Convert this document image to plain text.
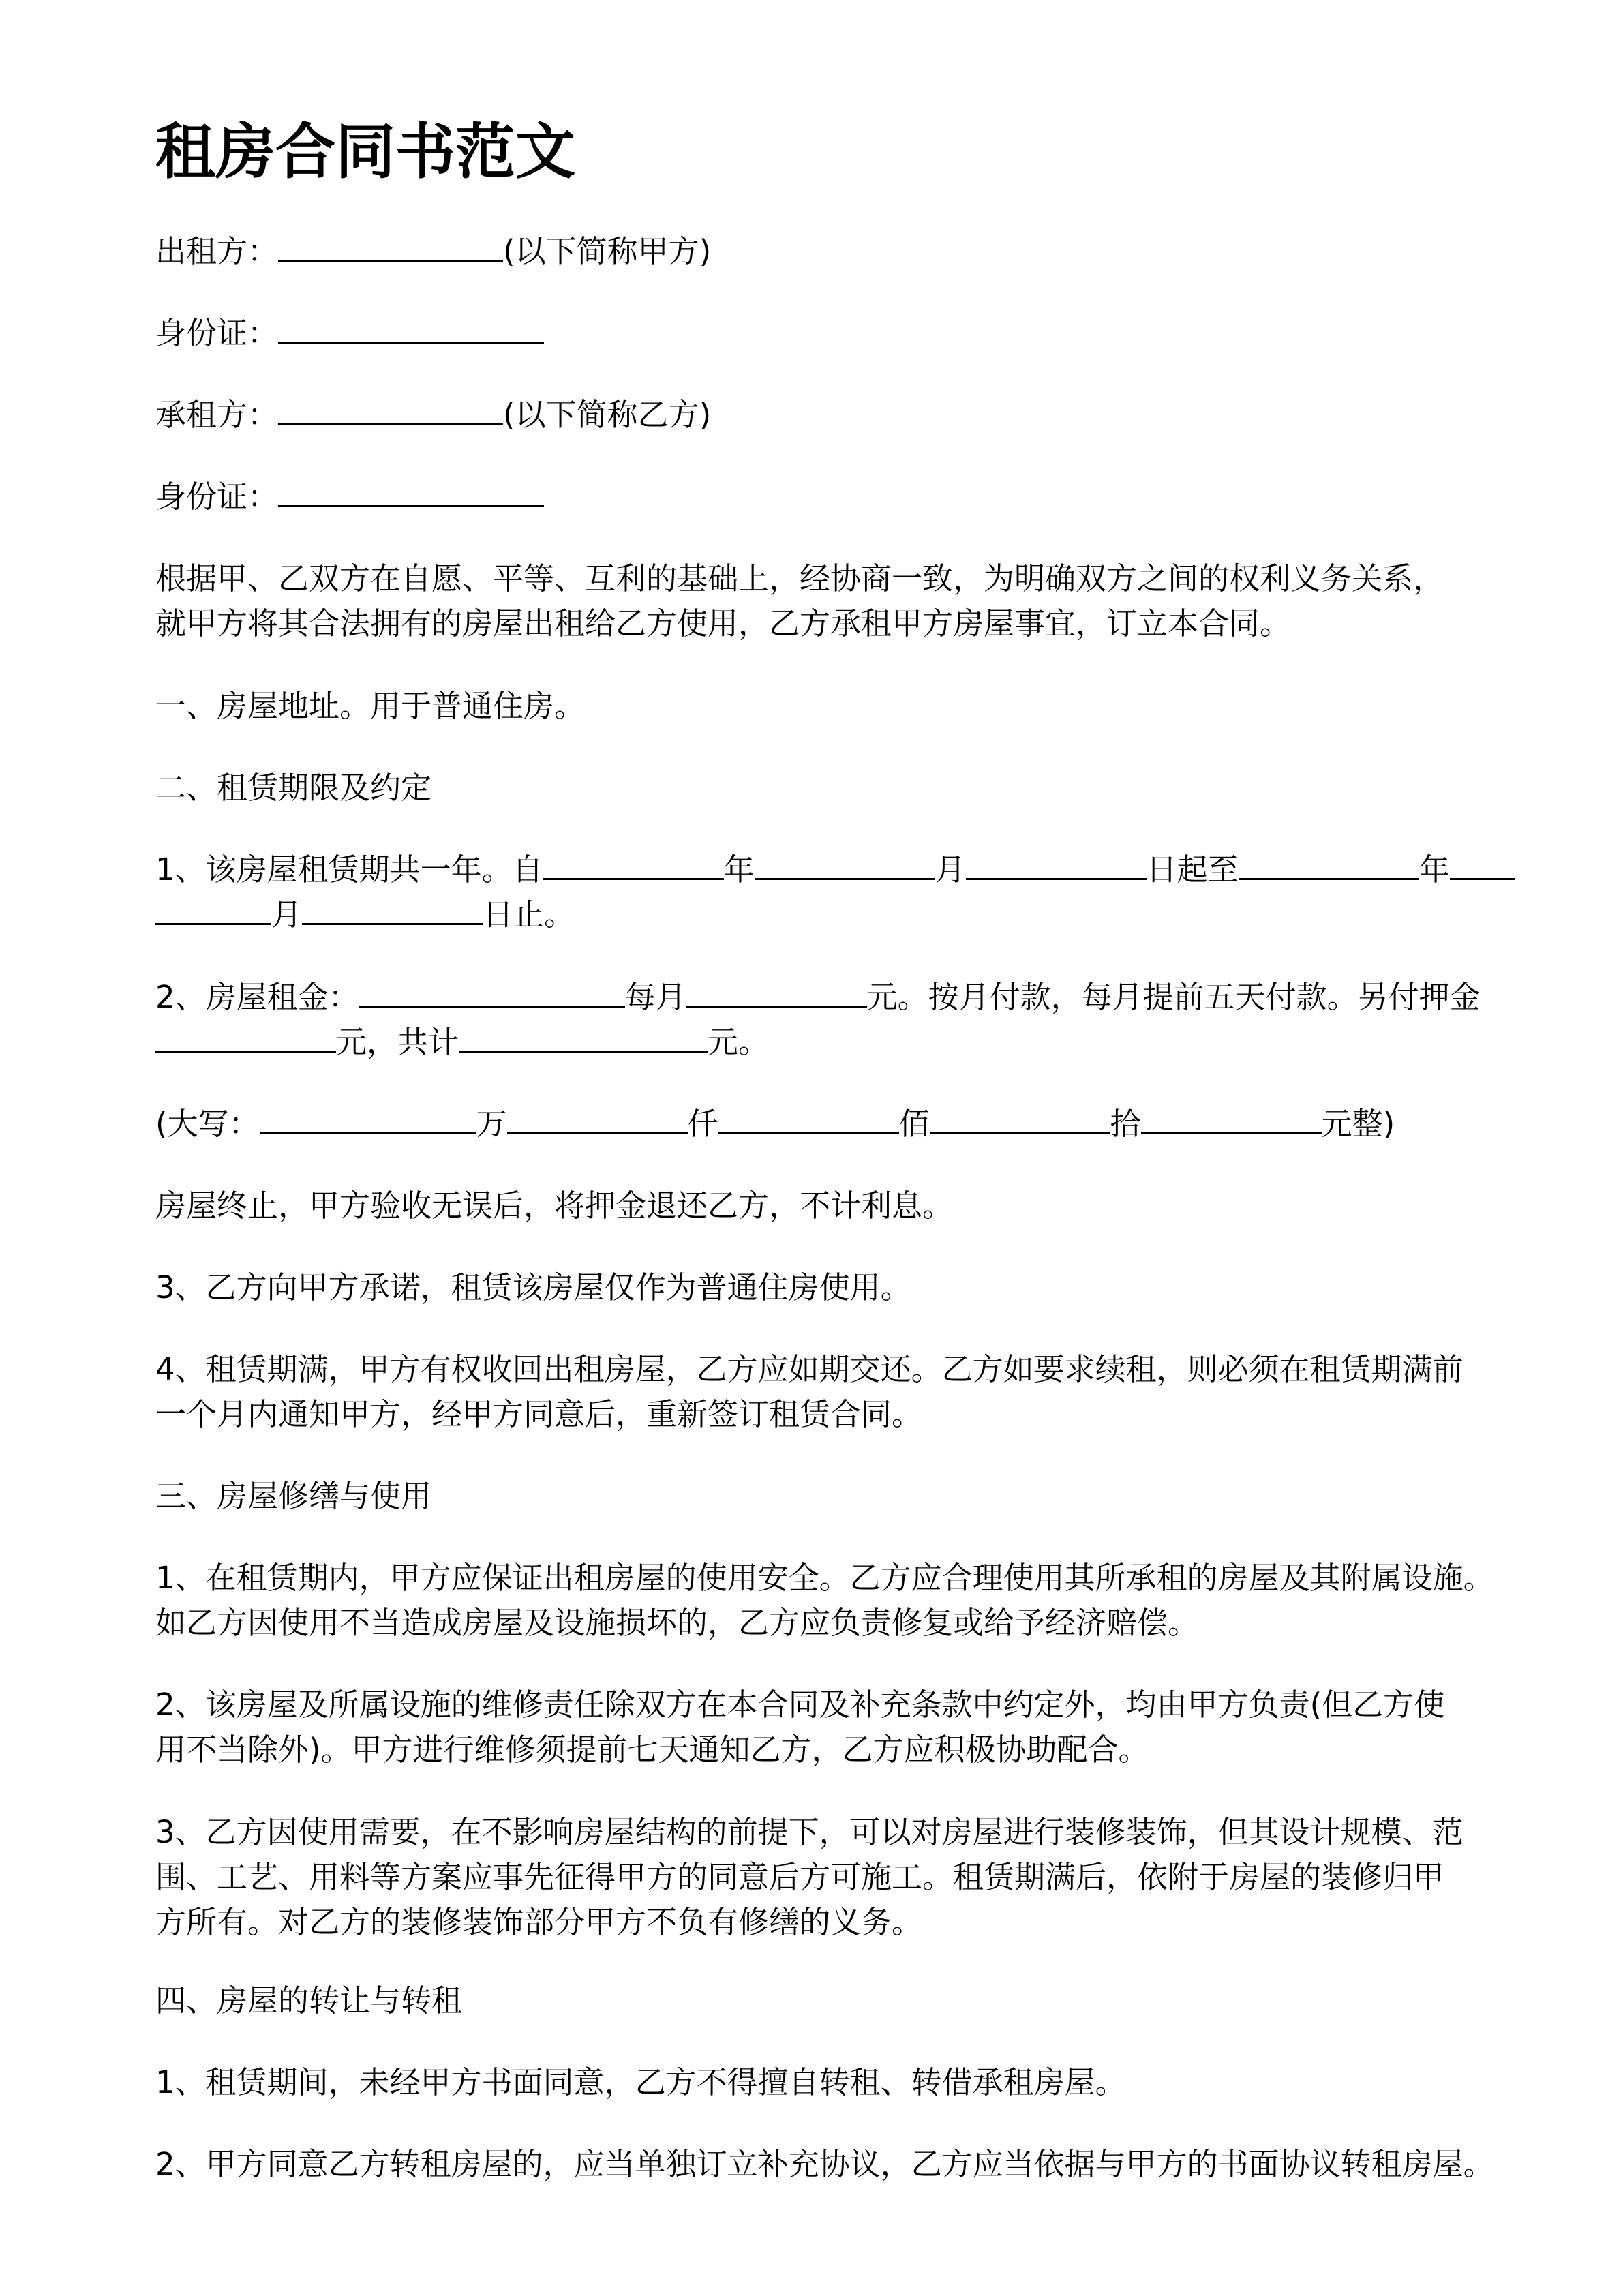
租房合同书范文
出租方：	(以下简称甲方)
身份证：
承租方：	(以下简称乙方)
身份证：
根据甲、乙双方在自愿、平等、互利的基础上，经协商一致，为明确双方之间的权利义务关系，
就甲方将其合法拥有的房屋出租给乙方使用，乙方承租甲方房屋事宜，订立本合同。
一、房屋地址。用于普通住房。
二、租赁期限及约定
1、该房屋租赁期共一年。自	年	月	日起至	年
月	日止。
2、房屋租金：	每月	元。按月付款，每月提前五天付款。另付押金
元，共计	元。
(大写：	万	仟	佰	拾	元整)
房屋终止，甲方验收无误后，将押金退还乙方，不计利息。
3、乙方向甲方承诺，租赁该房屋仅作为普通住房使用。
4、租赁期满，甲方有权收回出租房屋，乙方应如期交还。乙方如要求续租，则必须在租赁期满前
一个月内通知甲方，经甲方同意后，重新签订租赁合同。
三、房屋修缮与使用
1、在租赁期内，甲方应保证出租房屋的使用安全。乙方应合理使用其所承租的房屋及其附属设施。
如乙方因使用不当造成房屋及设施损坏的，乙方应负责修复或给予经济赔偿。
2、该房屋及所属设施的维修责任除双方在本合同及补充条款中约定外，均由甲方负责(但乙方使
用不当除外)。甲方进行维修须提前七天通知乙方，乙方应积极协助配合。
3、乙方因使用需要，在不影响房屋结构的前提下，可以对房屋进行装修装饰，但其设计规模、范
围、工艺、用料等方案应事先征得甲方的同意后方可施工。租赁期满后，依附于房屋的装修归甲
方所有。对乙方的装修装饰部分甲方不负有修缮的义务。
四、房屋的转让与转租
1、租赁期间，未经甲方书面同意，乙方不得擅自转租、转借承租房屋。
2、甲方同意乙方转租房屋的，应当单独订立补充协议，乙方应当依据与甲方的书面协议转租房屋。
